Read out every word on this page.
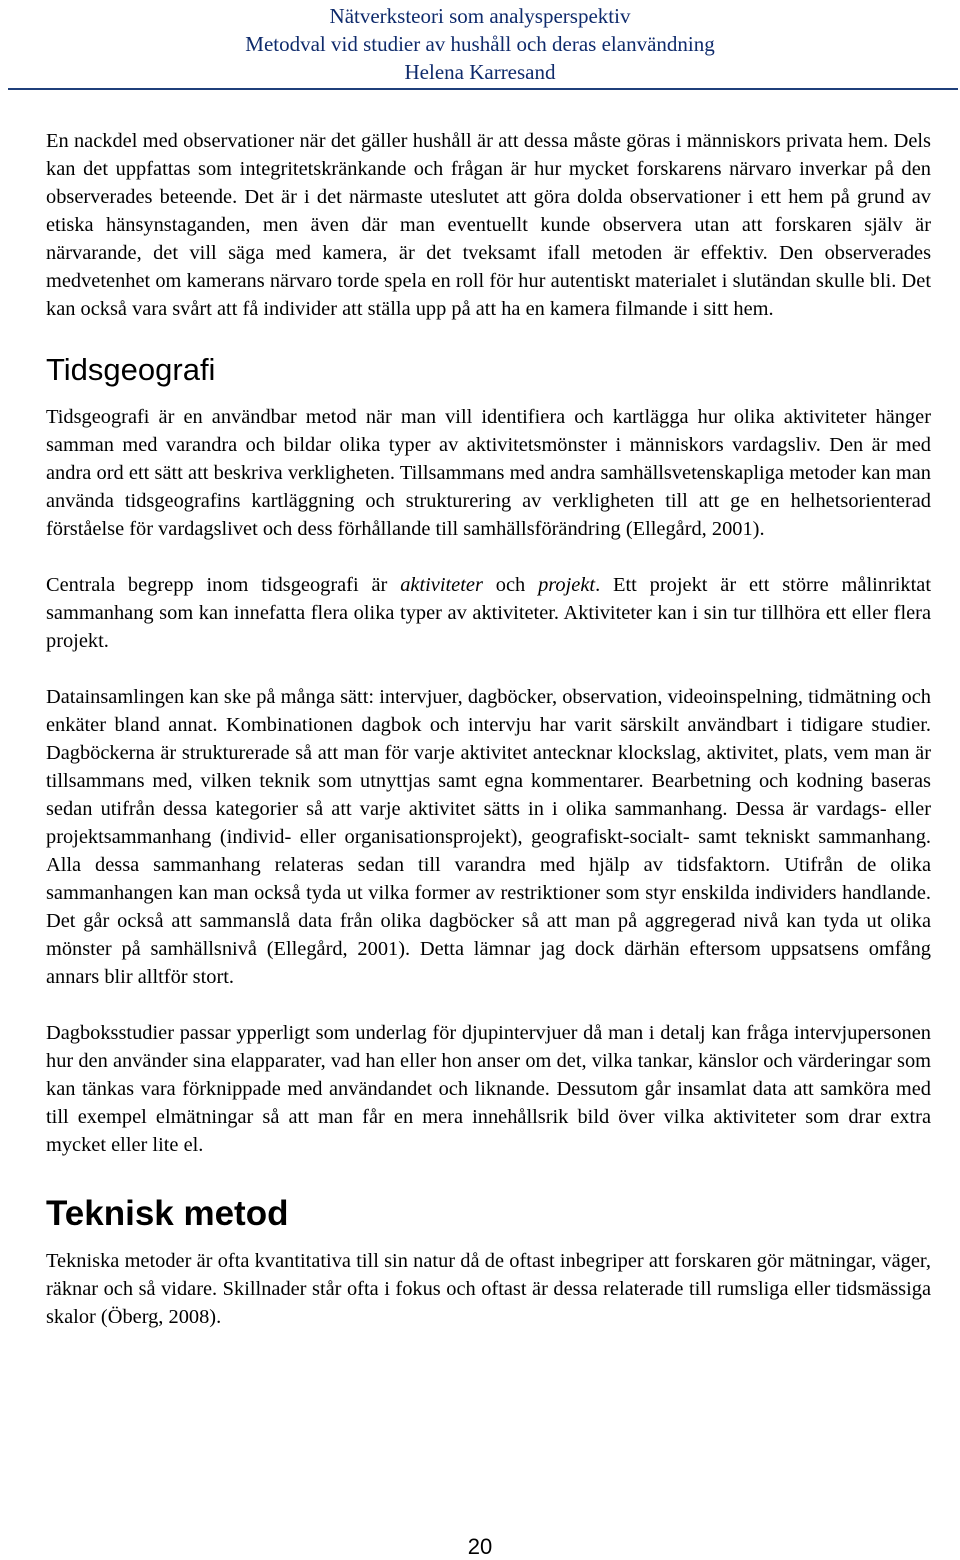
Nätverksteori som analysperspektiv
Metodval vid studier av hushåll och deras elanvändning
Helena Karresand

En nackdel med observationer när det gäller hushåll är att dessa måste göras i människors privata hem. Dels kan det uppfattas som integritetskränkande och frågan är hur mycket forskarens närvaro inverkar på den observerades beteende. Det är i det närmaste uteslutet att göra dolda observationer i ett hem på grund av etiska hänsynstaganden, men även där man eventuellt kunde observera utan att forskaren själv är närvarande, det vill säga med kamera, är det tveksamt ifall metoden är effektiv. Den observerades medvetenhet om kamerans närvaro torde spela en roll för hur autentiskt materialet i slutändan skulle bli. Det kan också vara svårt att få individer att ställa upp på att ha en kamera filmande i sitt hem.

Tidsgeografi

Tidsgeografi är en användbar metod när man vill identifiera och kartlägga hur olika aktiviteter hänger samman med varandra och bildar olika typer av aktivitetsmönster i människors vardagsliv. Den är med andra ord ett sätt att beskriva verkligheten. Tillsammans med andra samhällsvetenskapliga metoder kan man använda tidsgeografins kartläggning och strukturering av verkligheten till att ge en helhetsorienterad förståelse för vardagslivet och dess förhållande till samhällsförändring (Ellegård, 2001).

Centrala begrepp inom tidsgeografi är aktiviteter och projekt. Ett projekt är ett större målinriktat sammanhang som kan innefatta flera olika typer av aktiviteter. Aktiviteter kan i sin tur tillhöra ett eller flera projekt.

Datainsamlingen kan ske på många sätt: intervjuer, dagböcker, observation, videoinspelning, tidmätning och enkäter bland annat. Kombinationen dagbok och intervju har varit särskilt användbart i tidigare studier. Dagböckerna är strukturerade så att man för varje aktivitet antecknar klockslag, aktivitet, plats, vem man är tillsammans med, vilken teknik som utnyttjas samt egna kommentarer. Bearbetning och kodning baseras sedan utifrån dessa kategorier så att varje aktivitet sätts in i olika sammanhang. Dessa är vardags- eller projektsammanhang (individ- eller organisationsprojekt), geografiskt-socialt- samt tekniskt sammanhang. Alla dessa sammanhang relateras sedan till varandra med hjälp av tidsfaktorn. Utifrån de olika sammanhangen kan man också tyda ut vilka former av restriktioner som styr enskilda individers handlande. Det går också att sammanslå data från olika dagböcker så att man på aggregerad nivå kan tyda ut olika mönster på samhällsnivå (Ellegård, 2001). Detta lämnar jag dock därhän eftersom uppsatsens omfång annars blir alltför stort.

Dagboksstudier passar ypperligt som underlag för djupintervjuer då man i detalj kan fråga intervjupersonen hur den använder sina elapparater, vad han eller hon anser om det, vilka tankar, känslor och värderingar som kan tänkas vara förknippade med användandet och liknande. Dessutom går insamlat data att samköra med till exempel elmätningar så att man får en mera innehållsrik bild över vilka aktiviteter som drar extra mycket eller lite el.

Teknisk metod

Tekniska metoder är ofta kvantitativa till sin natur då de oftast inbegriper att forskaren gör mätningar, väger, räknar och så vidare. Skillnader står ofta i fokus och oftast är dessa relaterade till rumsliga eller tidsmässiga skalor (Öberg, 2008).

20
